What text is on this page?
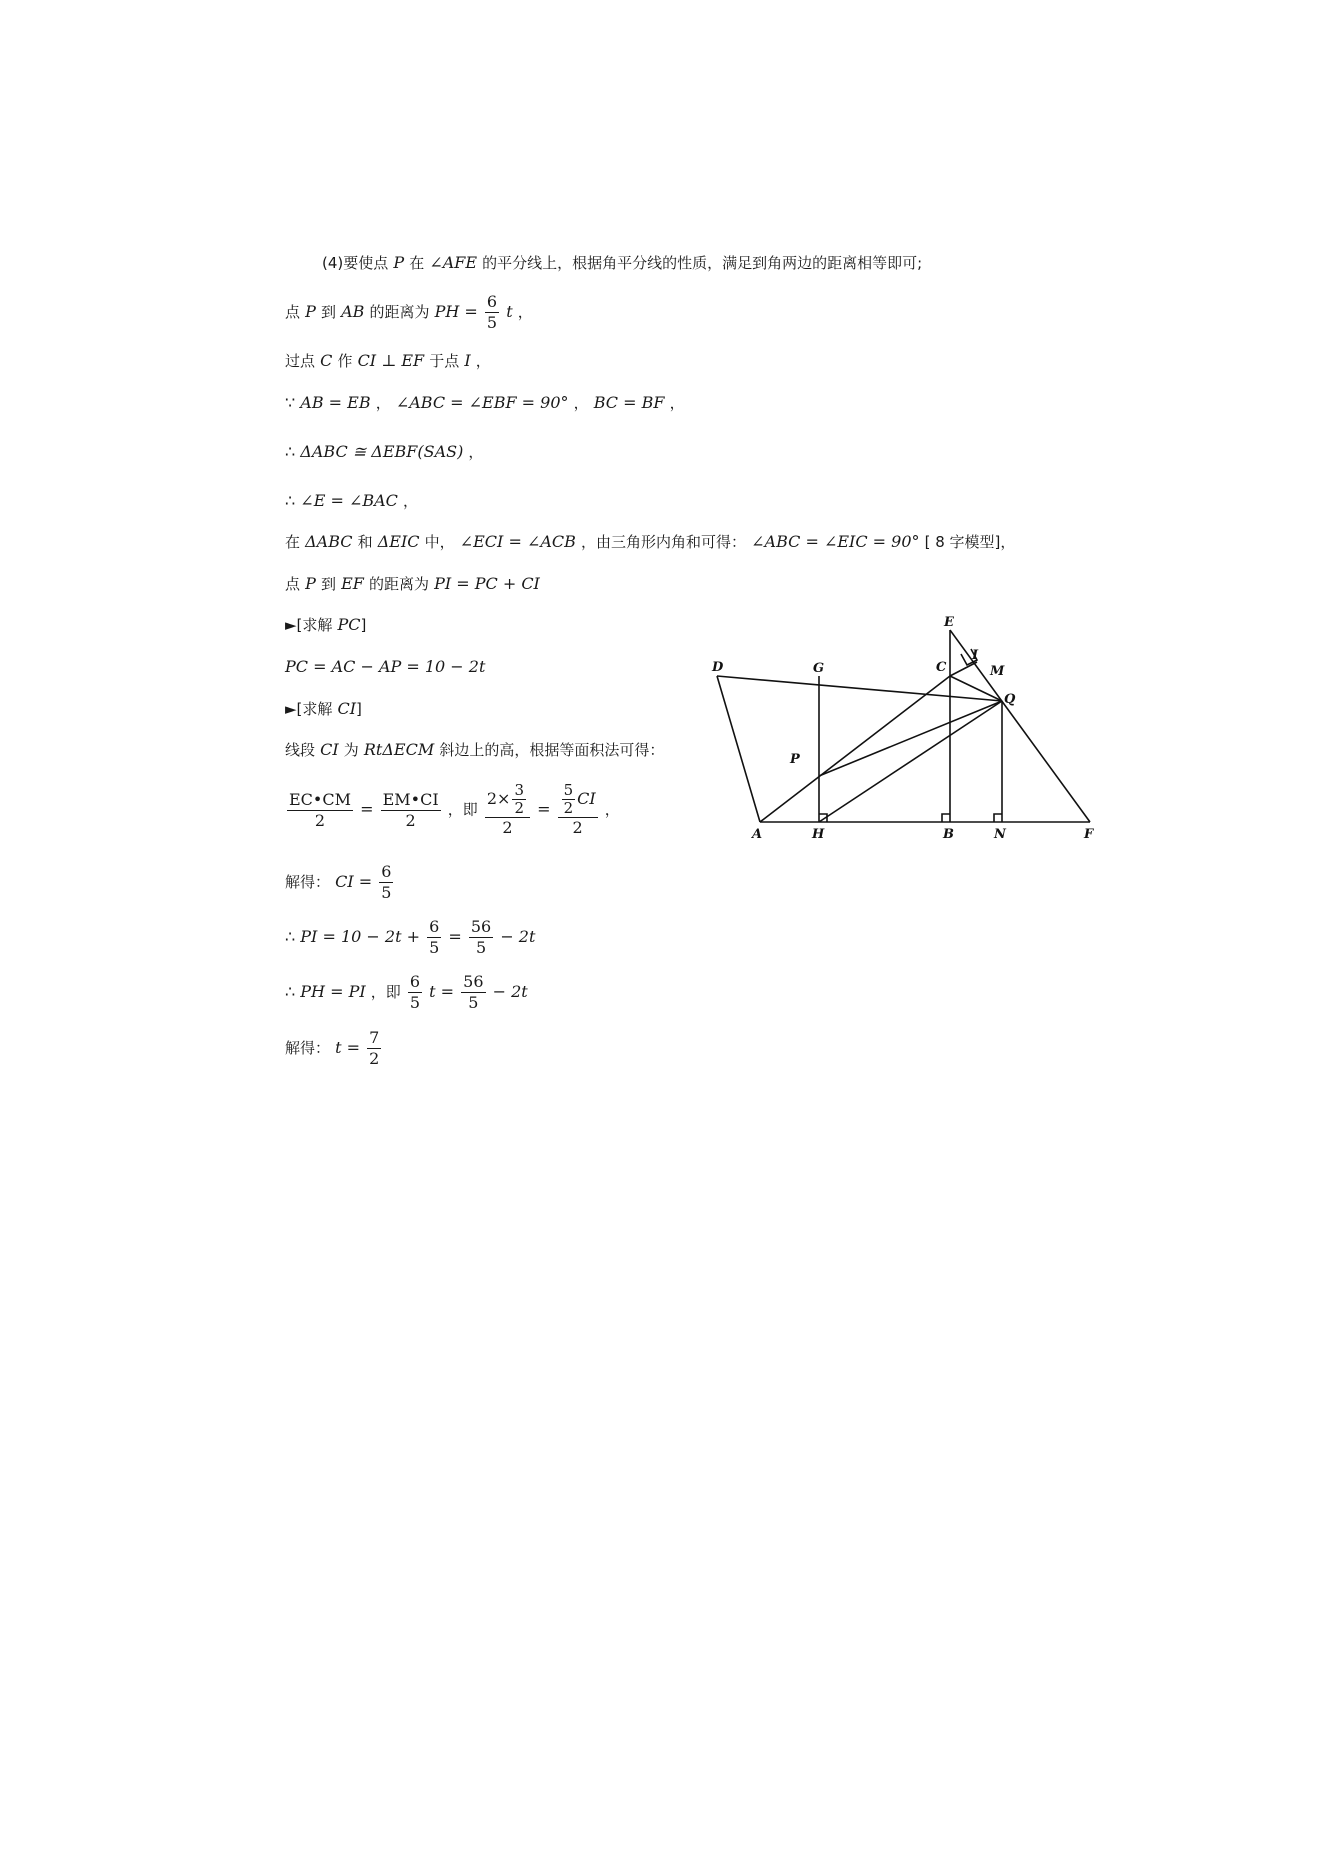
(4)要使点 P 在 ∠AFE 的平分线上，根据角平分线的性质，满足到角两边的距离相等即可;
点 P 到 AB 的距离为 PH = $\frac{6}{5}$ t ，
过点 C 作 CI ⊥ EF 于点 I ，
∵ AB = EB ， ∠ABC = ∠EBF = 90° ， BC = BF ，
∴ ΔABC ≅ ΔEBF(SAS) ，
∴ ∠E = ∠BAC ，
在 ΔABC 和 ΔEIC 中， ∠ECI = ∠ACB ，由三角形内角和可得： ∠ABC = ∠EIC = 90° [ 8 字模型]，
点 P 到 EF 的距离为 PI = PC + CI
►[求解 PC]
PC = AC − AP = 10 − 2t
►[求解 CI]
线段 CI 为 RtΔECM 斜边上的高，根据等面积法可得：
$\frac{EC•CM}{2} = \frac{EM•CI}{2}$ ，即 $\frac{2\times \frac{3}{2}}{2} = \frac{\frac{5}{2} CI}{2}$ ，
解得： CI = $\frac{6}{5}$
∴ PI = $10 - 2t + \frac{6}{5} = \frac{56}{5} - 2t$
∴ PH = PI ，即 $\frac{6}{5}$ $t = \frac{56}{5} - 2t$
解得： $t = \frac{7}{2}$
E
I
M
D	G	C
Q
P
A	H	B	N	F
